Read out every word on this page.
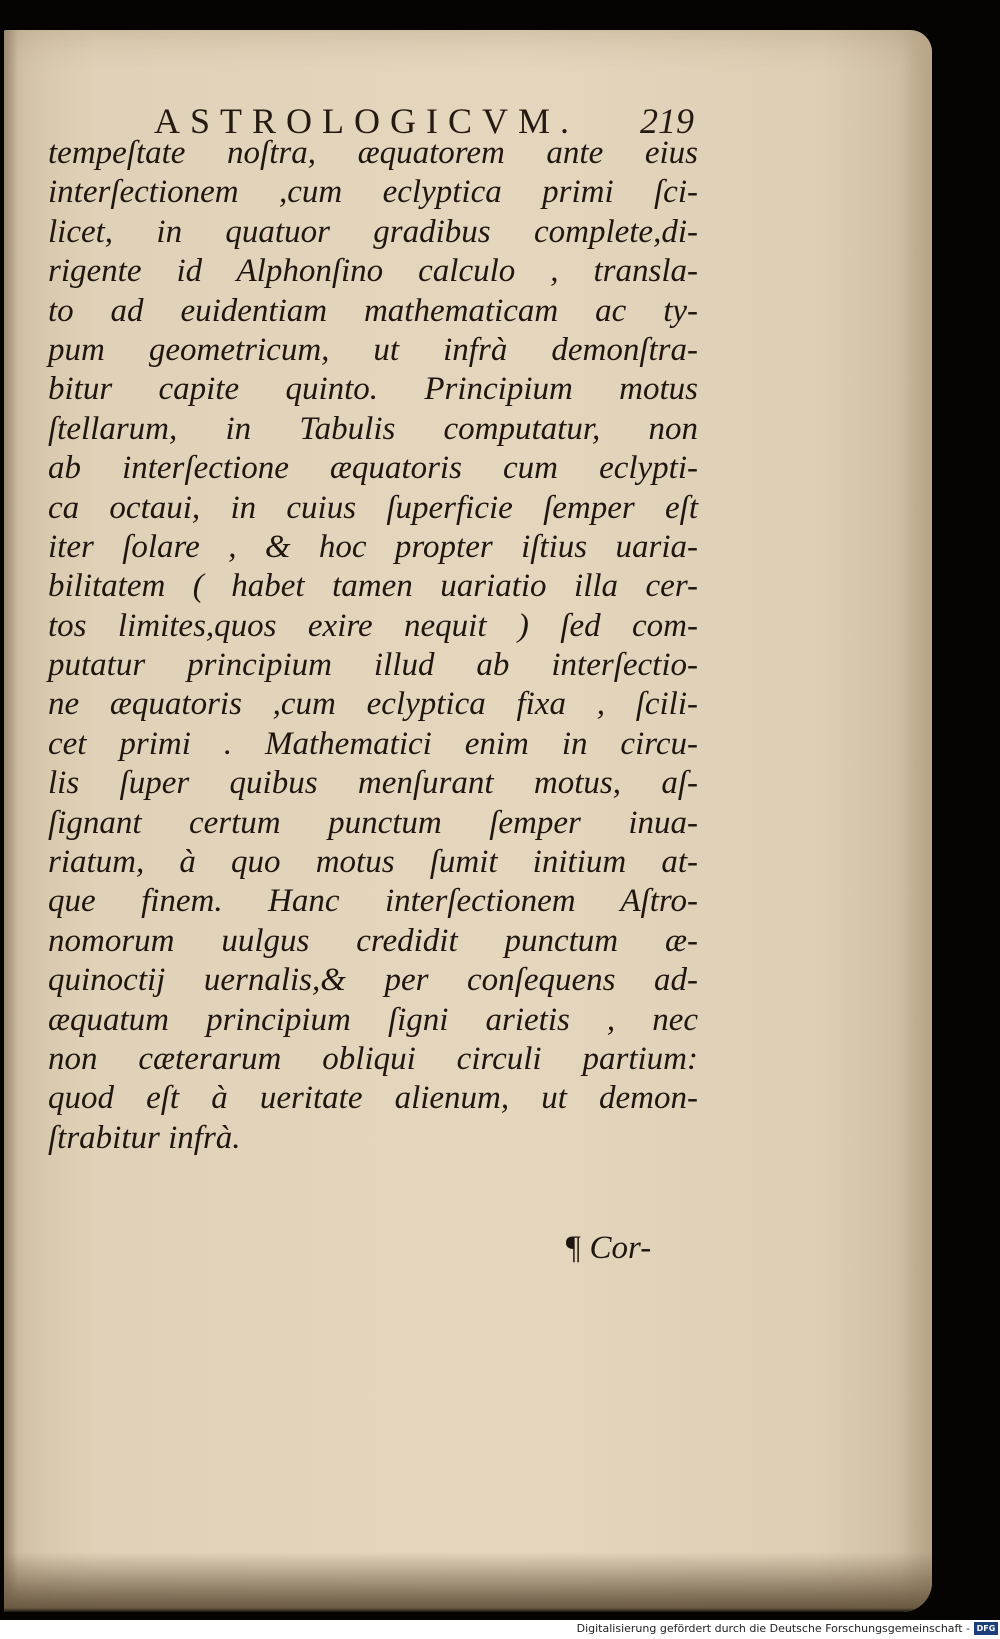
ASTROLOGICVM. 219
tempeſtate noſtra, æquatorem ante eius
interſectionem ,cum eclyptica primi ſci-
licet, in quatuor gradibus complete,di-
rigente id Alphonſino calculo , transla-
to ad euidentiam mathematicam ac ty-
pum geometricum, ut infrà demonſtra-
bitur capite quinto. Principium motus
ſtellarum, in Tabulis computatur, non
ab interſectione æquatoris cum eclypti-
ca octaui, in cuius ſuperficie ſemper eſt
iter ſolare , & hoc propter iſtius uaria-
bilitatem ( habet tamen uariatio illa cer-
tos limites,quos exire nequit ) ſed com-
putatur principium illud ab interſectio-
ne æquatoris ,cum eclyptica fixa , ſcili-
cet primi . Mathematici enim in circu-
lis ſuper quibus menſurant motus, aſ-
ſignant certum punctum ſemper inua-
riatum, à quo motus ſumit initium at-
que finem. Hanc interſectionem Aſtro-
nomorum uulgus credidit punctum æ-
quinoctij uernalis,& per conſequens ad-
æquatum principium ſigni arietis , nec
non cæterarum obliqui circuli partium:
quod eſt à ueritate alienum, ut demon-
ſtrabitur infrà.
¶ Cor-
Digitalisierung gefördert durch die Deutsche Forschungsgemeinschaft - DFG
